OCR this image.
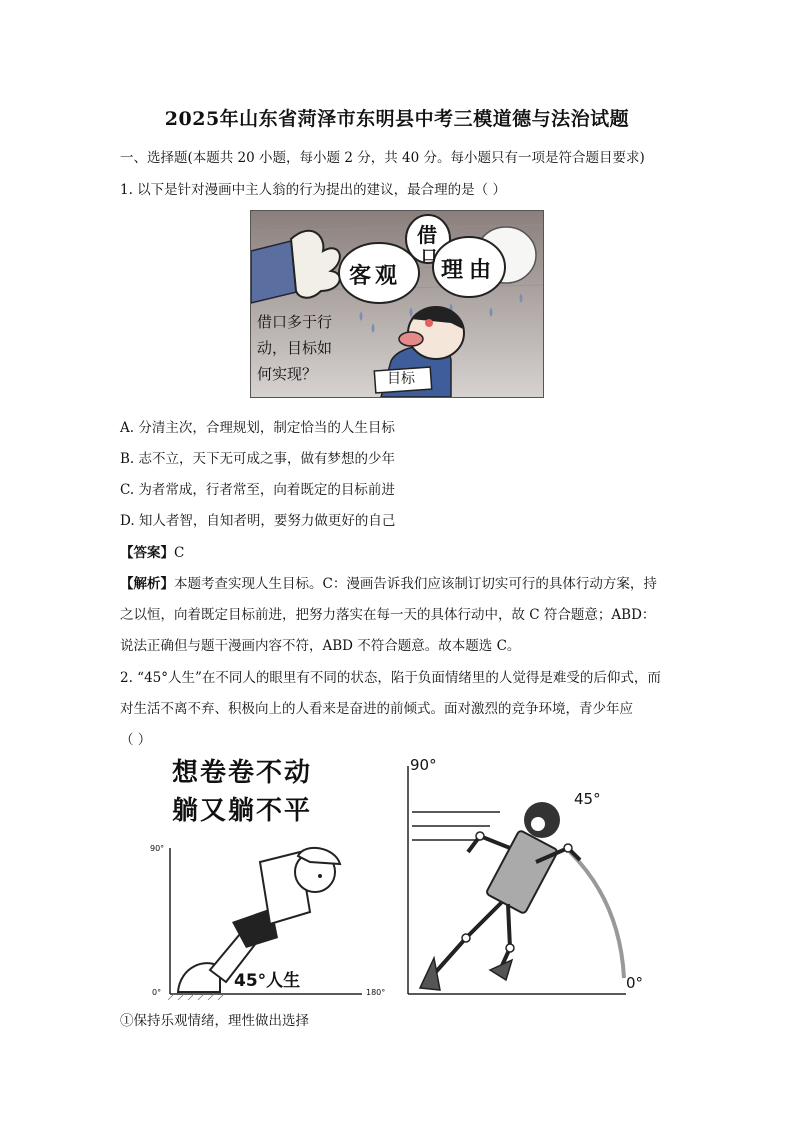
2025年山东省菏泽市东明县中考三模道德与法治试题
一、选择题(本题共 20 小题，每小题 2 分，共 40 分。每小题只有一项是符合题目要求)
1. 以下是针对漫画中主人翁的行为提出的建议，最合理的是（ ）
客观
借
口
理由
借口多于行
动，目标如
何实现？	目标
A. 分清主次，合理规划，制定恰当的人生目标
B. 志不立，天下无可成之事，做有梦想的少年
C. 为者常成，行者常至，向着既定的目标前进
D. 知人者智，自知者明，要努力做更好的自己
【答案】C
【解析】本题考查实现人生目标。C：漫画告诉我们应该制订切实可行的具体行动方案，持
之以恒，向着既定目标前进，把努力落实在每一天的具体行动中，故 C 符合题意；ABD：
说法正确但与题干漫画内容不符，ABD 不符合题意。故本题选 C。
2. “45°人生”在不同人的眼里有不同的状态，陷于负面情绪里的人觉得是难受的后仰式，而
对生活不离不弃、积极向上的人看来是奋进的前倾式。面对激烈的竞争环境，青少年应
（ ）
想卷卷不动
躺又躺不平
90°
0°	180°
45°人生
90°
45°
0°
①保持乐观情绪，理性做出选择
